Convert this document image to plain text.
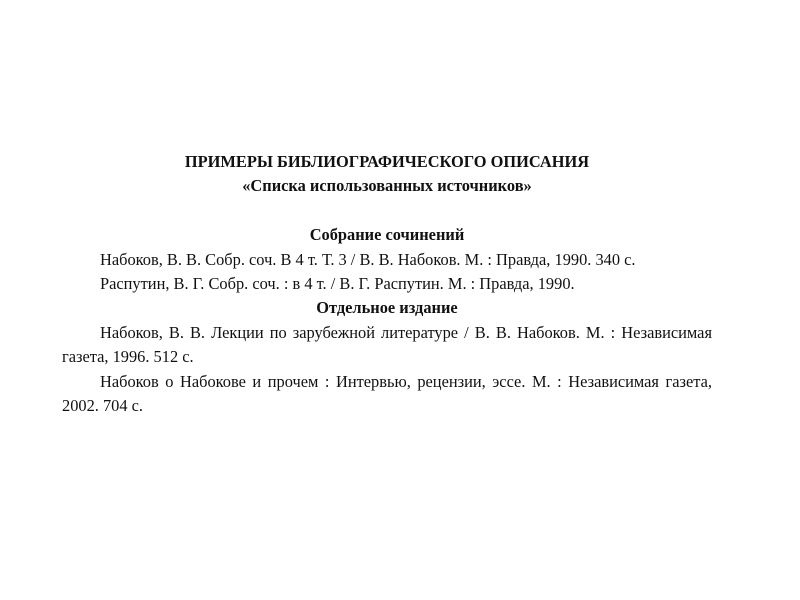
ПРИМЕРЫ БИБЛИОГРАФИЧЕСКОГО ОПИСАНИЯ
«Списка использованных источников»
Собрание сочинений

Набоков, В. В. Собр. соч. В 4 т. Т. 3 / В. В. Набоков. М. : Правда, 1990. 340 с.

Распутин, В. Г. Собр. соч. : в 4 т. / В. Г. Распутин. М. : Правда, 1990.

Отдельное издание

Набоков, В. В. Лекции по зарубежной литературе / В. В. Набоков. М. : Независимая газета, 1996. 512 с.

Набоков о Набокове и прочем : Интервью, рецензии, эссе. М. : Независимая газета, 2002. 704 с.
